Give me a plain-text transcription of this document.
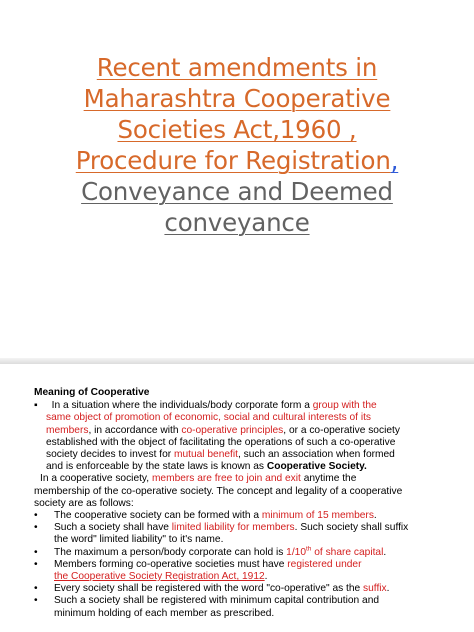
Recent amendments in
Maharashtra Cooperative
Societies Act,1960 ,
Procedure for Registration,
Conveyance and Deemed
conveyance
Meaning of Cooperative
▪ In a situation where the individuals/body corporate form a group with the
same object of promotion of economic, social and cultural interests of its
members, in accordance with co-operative principles, or a co-operative society
established with the object of facilitating the operations of such a co-operative
society decides to invest for mutual benefit, such an association when formed
and is enforceable by the state laws is known as Cooperative Society.
In a cooperative society, members are free to join and exit anytime the
membership of the co-operative society. The concept and legality of a cooperative
society are as follows:
•	The cooperative society can be formed with a minimum of 15 members.
•	Such a society shall have limited liability for members. Such society shall suffix
the word" limited liability" to it's name.
•	The maximum a person/body corporate can hold is 1/10th of share capital.
•	Members forming co-operative societies must have registered under
the Cooperative Society Registration Act, 1912.
•	Every society shall be registered with the word "co-operative" as the suffix.
•	Such a society shall be registered with minimum capital contribution and
minimum holding of each member as prescribed.
